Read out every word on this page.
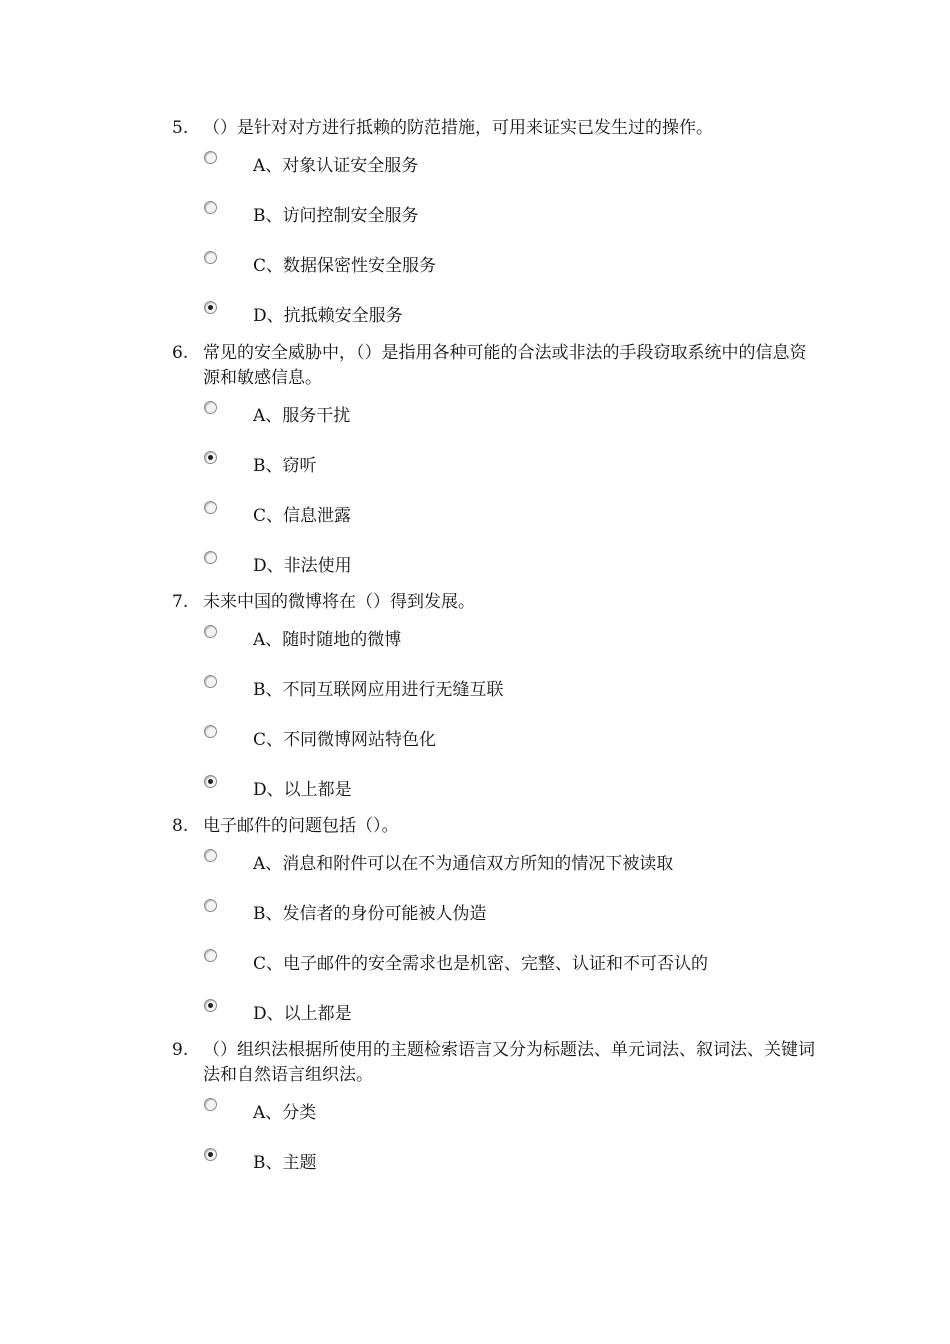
5. （）是针对对方进行抵赖的防范措施，可用来证实已发生过的操作。
A、对象认证安全服务
B、访问控制安全服务
C、数据保密性安全服务
D、抗抵赖安全服务
6. 常见的安全威胁中，（）是指用各种可能的合法或非法的手段窃取系统中的信息资源和敏感信息。
A、服务干扰
B、窃听
C、信息泄露
D、非法使用
7. 未来中国的微博将在（）得到发展。
A、随时随地的微博
B、不同互联网应用进行无缝互联
C、不同微博网站特色化
D、以上都是
8. 电子邮件的问题包括（）。
A、消息和附件可以在不为通信双方所知的情况下被读取
B、发信者的身份可能被人伪造
C、电子邮件的安全需求也是机密、完整、认证和不可否认的
D、以上都是
9. （）组织法根据所使用的主题检索语言又分为标题法、单元词法、叙词法、关键词法和自然语言组织法。
A、分类
B、主题
